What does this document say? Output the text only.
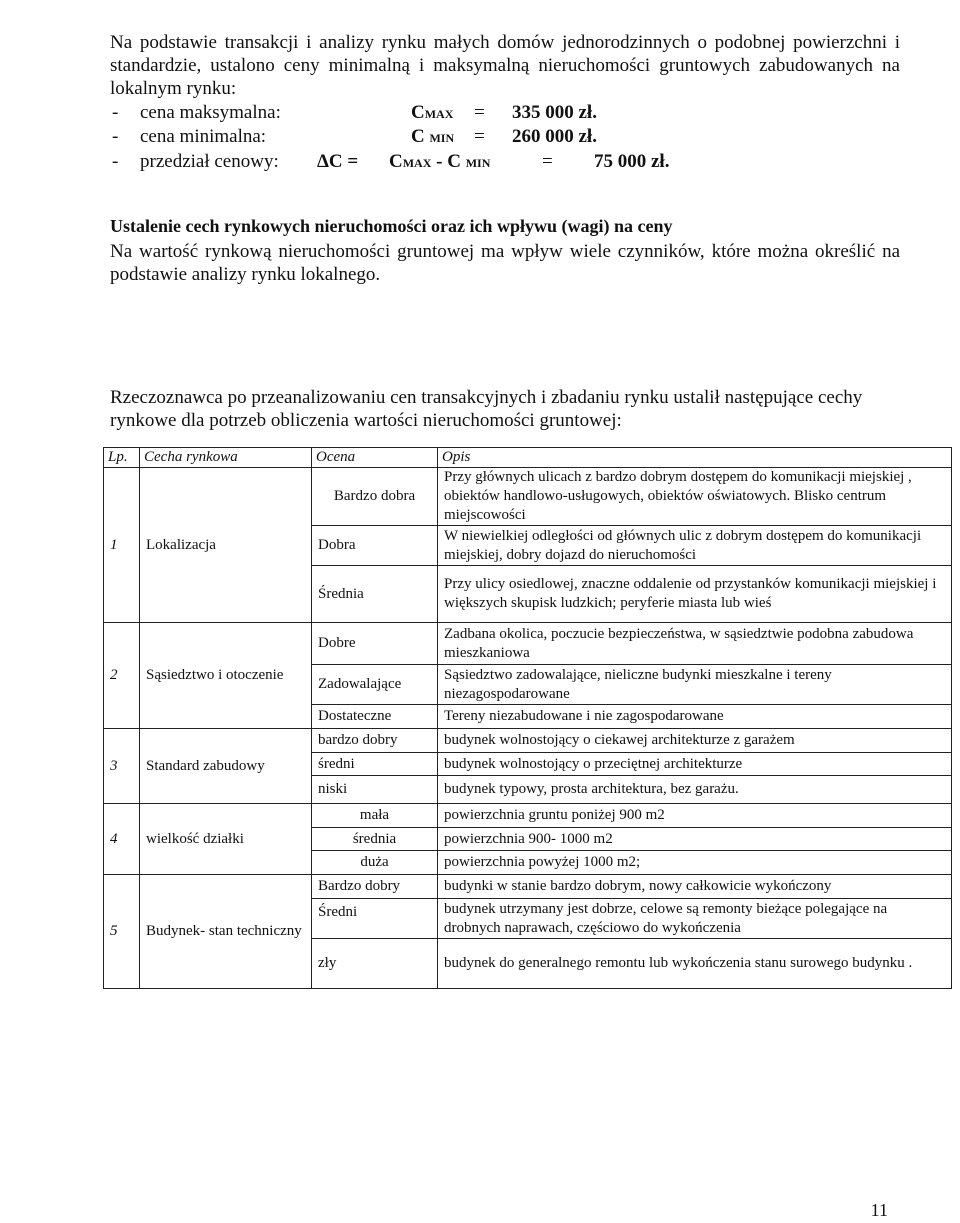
Na podstawie transakcji i analizy rynku małych domów jednorodzinnych o podobnej powierzchni i standardzie, ustalono ceny minimalną i maksymalną nieruchomości gruntowych zabudowanych na lokalnym rynku:
- cena maksymalna:	CMAX = 335 000 zł.
- cena minimalna:	C MIN = 260 000 zł.
- przedział cenowy: ΔC = CMAX - C MIN	= 75 000 zł.
Ustalenie cech rynkowych nieruchomości oraz ich wpływu (wagi) na ceny
Na wartość rynkową nieruchomości gruntowej ma wpływ wiele czynników, które można określić na podstawie analizy rynku lokalnego.
Rzeczoznawca po przeanalizowaniu cen transakcyjnych i zbadaniu rynku ustalił następujące cechy rynkowe dla potrzeb obliczenia wartości nieruchomości gruntowej:
Lp.	Cecha rynkowa	Ocena	Opis
1	Lokalizacja	Bardzo dobra	Przy głównych ulicach z bardzo dobrym dostępem do komunikacji miejskiej , obiektów handlowo-usługowych, obiektów oświatowych. Blisko centrum miejscowości
		Dobra	W niewielkiej odległości od głównych ulic z dobrym dostępem do komunikacji miejskiej, dobry dojazd do nieruchomości
		Średnia	Przy ulicy osiedlowej, znaczne oddalenie od przystanków komunikacji miejskiej i większych skupisk ludzkich; peryferie miasta lub wieś
2	Sąsiedztwo i otoczenie	Dobre	Zadbana okolica, poczucie bezpieczeństwa, w sąsiedztwie podobna zabudowa mieszkaniowa
		Zadowalające	Sąsiedztwo zadowalające, nieliczne budynki mieszkalne i tereny niezagospodarowane
		Dostateczne	Tereny niezabudowane i nie zagospodarowane
3	Standard zabudowy	bardzo dobry	budynek wolnostojący o ciekawej architekturze z garażem
		średni	budynek wolnostojący o przeciętnej architekturze
		niski	budynek typowy, prosta architektura, bez garażu.
4	wielkość działki	mała	powierzchnia gruntu poniżej 900 m2
		średnia	powierzchnia 900- 1000 m2
		duża	powierzchnia powyżej 1000 m2;
5	Budynek- stan techniczny	Bardzo dobry	budynki w stanie bardzo dobrym, nowy całkowicie wykończony
		Średni	budynek utrzymany jest dobrze, celowe są remonty bieżące polegające na drobnych naprawach, częściowo do wykończenia
		zły	budynek do generalnego remontu lub wykończenia stanu surowego budynku .
11
